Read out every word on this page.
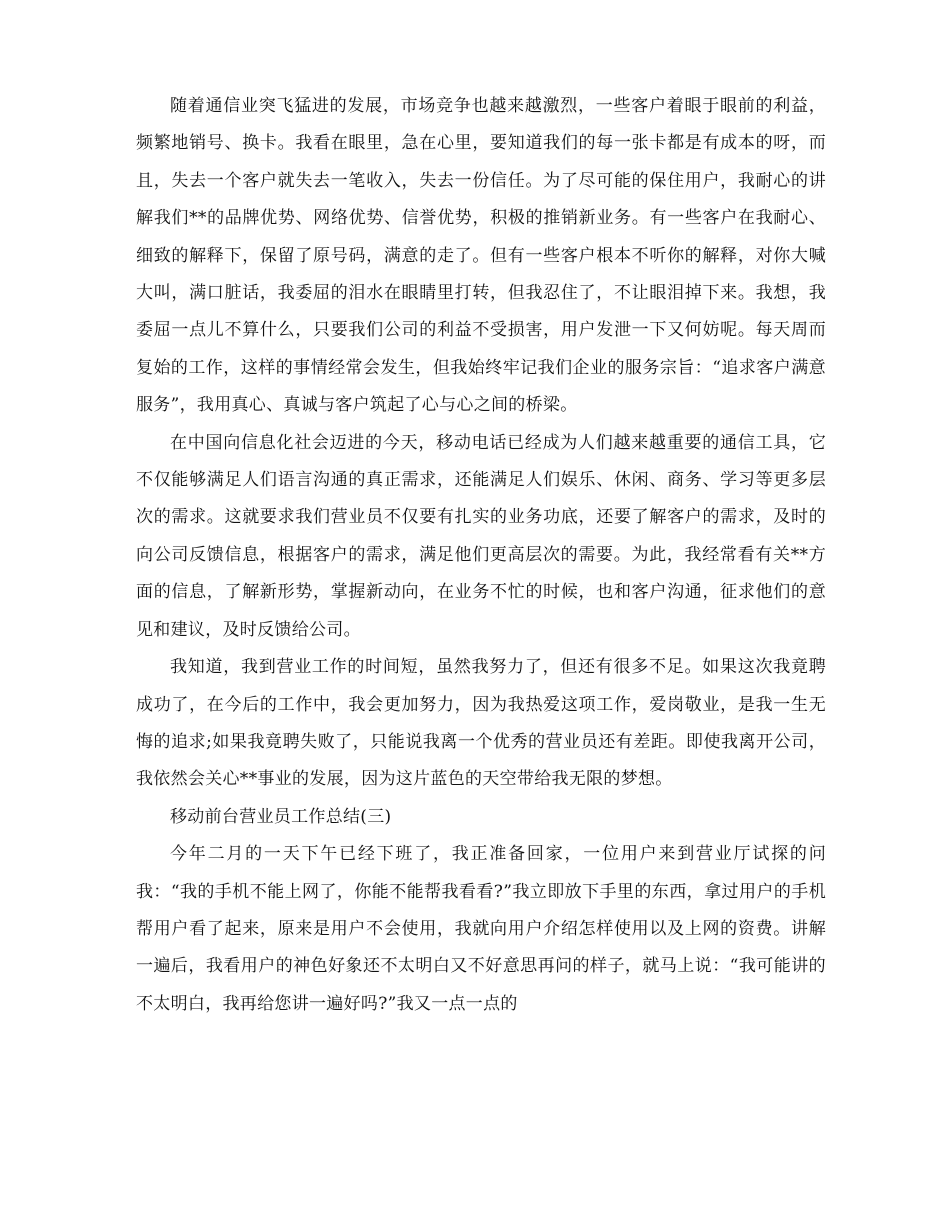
随着通信业突飞猛进的发展，市场竞争也越来越激烈，一些客户着眼于眼前的利益，频繁地销号、换卡。我看在眼里，急在心里，要知道我们的每一张卡都是有成本的呀，而且，失去一个客户就失去一笔收入，失去一份信任。为了尽可能的保住用户，我耐心的讲解我们**的品牌优势、网络优势、信誉优势，积极的推销新业务。有一些客户在我耐心、细致的解释下，保留了原号码，满意的走了。但有一些客户根本不听你的解释，对你大喊大叫，满口脏话，我委屈的泪水在眼睛里打转，但我忍住了，不让眼泪掉下来。我想，我委屈一点儿不算什么，只要我们公司的利益不受损害，用户发泄一下又何妨呢。每天周而复始的工作，这样的事情经常会发生，但我始终牢记我们企业的服务宗旨：“追求客户满意服务”，我用真心、真诚与客户筑起了心与心之间的桥梁。

在中国向信息化社会迈进的今天，移动电话已经成为人们越来越重要的通信工具，它不仅能够满足人们语言沟通的真正需求，还能满足人们娱乐、休闲、商务、学习等更多层次的需求。这就要求我们营业员不仅要有扎实的业务功底，还要了解客户的需求，及时的向公司反馈信息，根据客户的需求，满足他们更高层次的需要。为此，我经常看有关**方面的信息，了解新形势，掌握新动向，在业务不忙的时候，也和客户沟通，征求他们的意见和建议，及时反馈给公司。

我知道，我到营业工作的时间短，虽然我努力了，但还有很多不足。如果这次我竟聘成功了，在今后的工作中，我会更加努力，因为我热爱这项工作，爱岗敬业，是我一生无悔的追求;如果我竟聘失败了，只能说我离一个优秀的营业员还有差距。即使我离开公司，我依然会关心**事业的发展，因为这片蓝色的天空带给我无限的梦想。

移动前台营业员工作总结(三)

今年二月的一天下午已经下班了，我正准备回家，一位用户来到营业厅试探的问我：“我的手机不能上网了，你能不能帮我看看?”我立即放下手里的东西，拿过用户的手机帮用户看了起来，原来是用户不会使用，我就向用户介绍怎样使用以及上网的资费。讲解一遍后，我看用户的神色好象还不太明白又不好意思再问的样子，就马上说：“我可能讲的不太明白，我再给您讲一遍好吗?”我又一点一点的
